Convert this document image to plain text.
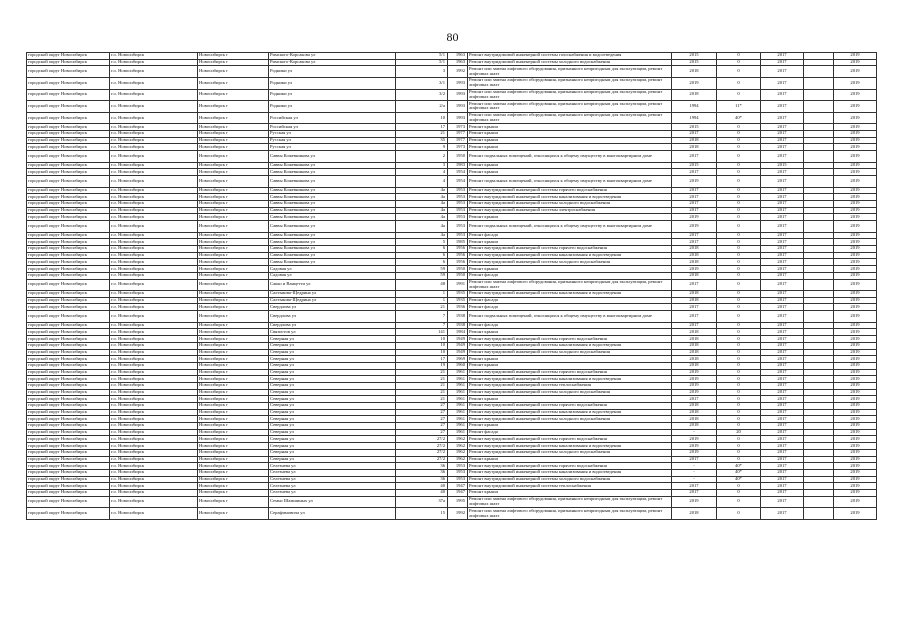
80
городской округ Новосибирск	г.о. Новосибирск	Новосибирск г	Римского-Корсакова ул	5/1	1963	Ремонт внутридомовой инженерной системы газоснабжения и водоотведения	2015	0	2017		2019
городской округ Новосибирск	г.о. Новосибирск	Новосибирск г	Римского-Корсакова ул	5/1	1963	Ремонт внутридомовой инженерной системы холодного водоснабжения	2015	0	2017		2019
городской округ Новосибирск	г.о. Новосибирск	Новосибирск г	Родники ул	3	1992	Ремонт или замена лифтового оборудования, признанного непригодным для эксплуатации, ремонт лифтовых шахт	2018	0	2017		2019
городской округ Новосибирск	г.о. Новосибирск	Новосибирск г	Родники ул	3/1	1993	Ремонт или замена лифтового оборудования, признанного непригодным для эксплуатации, ремонт лифтовых шахт	2019	0	2017		2019
городской округ Новосибирск	г.о. Новосибирск	Новосибирск г	Родники ул	3/2	1993	Ремонт или замена лифтового оборудования, признанного непригодным для эксплуатации, ремонт лифтовых шахт	2018	0	2017		2019
городской округ Новосибирск	г.о. Новосибирск	Новосибирск г	Родники ул	2/а	1993	Ремонт или замена лифтового оборудования, признанного непригодным для эксплуатации, ремонт лифтовых шахт	1994	11*	2017		2019
городской округ Новосибирск	г.о. Новосибирск	Новосибирск г	Российская ул	10	1993	Ремонт или замена лифтового оборудования, признанного непригодным для эксплуатации, ремонт лифтовых шахт	1994	40*	2017		2019
городской округ Новосибирск	г.о. Новосибирск	Новосибирск г	Российская ул	17	1973	Ремонт крыши	2015	0	2017		2019
городской округ Новосибирск	г.о. Новосибирск	Новосибирск г	Русская ул	21	1977	Ремонт крыши	2017	0	2017		2019
городской округ Новосибирск	г.о. Новосибирск	Новосибирск г	Русская ул	35	1977	Ремонт крыши	2018	0	2017		2019
городской округ Новосибирск	г.о. Новосибирск	Новосибирск г	Русская ул	9	1973	Ремонт крыши	2018	0	2017		2019
городской округ Новосибирск	г.о. Новосибирск	Новосибирск г	Саввы Кожевникова ул	2	1950	Ремонт подвальных помещений, относящихся к общему имуществу в многоквартирном доме	2017	0	2017		2019
городской округ Новосибирск	г.о. Новосибирск	Новосибирск г	Саввы Кожевникова ул	3	1983	Ремонт крыши	2015	0	2015		2019
городской округ Новосибирск	г.о. Новосибирск	Новосибирск г	Саввы Кожевникова ул	4	1954	Ремонт крыши	2017	0	2017		2019
городской округ Новосибирск	г.о. Новосибирск	Новосибирск г	Саввы Кожевникова ул	4	1954	Ремонт подвальных помещений, относящихся к общему имуществу в многоквартирном доме	2019	0	2017		2019
городской округ Новосибирск	г.о. Новосибирск	Новосибирск г	Саввы Кожевникова ул	4а	1953	Ремонт внутридомовой инженерной системы горячего водоснабжения	2017	0	2017		2019
городской округ Новосибирск	г.о. Новосибирск	Новосибирск г	Саввы Кожевникова ул	4а	1953	Ремонт внутридомовой инженерной системы канализования и водоотведения	2017	0	2017		2019
городской округ Новосибирск	г.о. Новосибирск	Новосибирск г	Саввы Кожевникова ул	4а	1953	Ремонт внутридомовой инженерной системы холодного водоснабжения	2017	0	2017		2019
городской округ Новосибирск	г.о. Новосибирск	Новосибирск г	Саввы Кожевникова ул	4а	1953	Ремонт внутридомовой инженерной системы электроснабжения	2017	0	2017		2019
городской округ Новосибирск	г.о. Новосибирск	Новосибирск г	Саввы Кожевникова ул	4а	1953	Ремонт крыши	2019	0	2017		2019
городской округ Новосибирск	г.о. Новосибирск	Новосибирск г	Саввы Кожевникова ул	4а	1953	Ремонт подвальных помещений, относящихся к общему имуществу в многоквартирном доме	2019	0	2017		2019
городской округ Новосибирск	г.о. Новосибирск	Новосибирск г	Саввы Кожевникова ул	4а	1953	Ремонт фасада	2017	0	2017		2019
городской округ Новосибирск	г.о. Новосибирск	Новосибирск г	Саввы Кожевникова ул	5	1985	Ремонт крыши	2017	0	2017		2019
городской округ Новосибирск	г.о. Новосибирск	Новосибирск г	Саввы Кожевникова ул	6	1956	Ремонт внутридомовой инженерной системы горячего водоснабжения	2018	0	2017		2019
городской округ Новосибирск	г.о. Новосибирск	Новосибирск г	Саввы Кожевникова ул	6	1956	Ремонт внутридомовой инженерной системы канализования и водоотведения	2018	0	2017		2019
городской округ Новосибирск	г.о. Новосибирск	Новосибирск г	Саввы Кожевникова ул	6	1956	Ремонт внутридомовой инженерной системы холодного водоснабжения	2018	0	2017		2019
городской округ Новосибирск	г.о. Новосибирск	Новосибирск г	Садовая ул	59	1950	Ремонт крыши	2019	0	2017		2019
городской округ Новосибирск	г.о. Новосибирск	Новосибирск г	Садовая ул	59	1950	Ремонт фасада	2018	0	2017		2019
городской округ Новосибирск	г.о. Новосибирск	Новосибирск г	Сакко и Ванцетти ул	48	1991	Ремонт или замена лифтового оборудования, признанного непригодным для эксплуатации, ремонт лифтовых шахт	2017	0	2017		2019
городской округ Новосибирск	г.о. Новосибирск	Новосибирск г	Салтыкова-Щедрина ул	1	1935	Ремонт внутридомовой инженерной системы канализования и водоотведения	2018	0	2017		2019
городской округ Новосибирск	г.о. Новосибирск	Новосибирск г	Салтыкова-Щедрина ул	1	1935	Ремонт фасада	2018	0	2017		2019
городской округ Новосибирск	г.о. Новосибирск	Новосибирск г	Свердлова ул	21	1936	Ремонт фасада	2017	0	2017		2019
городской округ Новосибирск	г.о. Новосибирск	Новосибирск г	Свердлова ул	7	1938	Ремонт подвальных помещений, относящихся к общему имуществу в многоквартирном доме	2017	0	2017		2019
городской округ Новосибирск	г.о. Новосибирск	Новосибирск г	Свердлова ул	7	1938	Ремонт фасада	2017	0	2017		2019
городской округ Новосибирск	г.о. Новосибирск	Новосибирск г	Связистов ул	141	1984	Ремонт крыши	2018	0	2017		2019
городской округ Новосибирск	г.о. Новосибирск	Новосибирск г	Северная ул	10	1949	Ремонт внутридомовой инженерной системы горячего водоснабжения	2018	0	2017		2019
городской округ Новосибирск	г.о. Новосибирск	Новосибирск г	Северная ул	10	1949	Ремонт внутридомовой инженерной системы канализования и водоотведения	2018	0	2017		2019
городской округ Новосибирск	г.о. Новосибирск	Новосибирск г	Северная ул	10	1949	Ремонт внутридомовой инженерной системы холодного водоснабжения	2018	0	2017		2019
городской округ Новосибирск	г.о. Новосибирск	Новосибирск г	Северная ул	17	1969	Ремонт крыши	2018	0	2017		2019
городской округ Новосибирск	г.о. Новосибирск	Новосибирск г	Северная ул	19	1960	Ремонт крыши	2018	0	2017		2019
городской округ Новосибирск	г.о. Новосибирск	Новосибирск г	Северная ул	21	1961	Ремонт внутридомовой инженерной системы горячего водоснабжения	2019	0	2017		2019
городской округ Новосибирск	г.о. Новосибирск	Новосибирск г	Северная ул	21	1961	Ремонт внутридомовой инженерной системы канализования и водоотведения	2019	0	2017		2019
городской округ Новосибирск	г.о. Новосибирск	Новосибирск г	Северная ул	21	1961	Ремонт внутридомовой инженерной системы теплоснабжения	2019	0	2017		2019
городской округ Новосибирск	г.о. Новосибирск	Новосибирск г	Северная ул	21	1961	Ремонт внутридомовой инженерной системы холодного водоснабжения	2019	0	2017		2019
городской округ Новосибирск	г.о. Новосибирск	Новосибирск г	Северная ул	21	1961	Ремонт крыши	2017	0	2017		2019
городской округ Новосибирск	г.о. Новосибирск	Новосибирск г	Северная ул	27	1961	Ремонт внутридомовой инженерной системы горячего водоснабжения	2018	0	2017		2019
городской округ Новосибирск	г.о. Новосибирск	Новосибирск г	Северная ул	27	1961	Ремонт внутридомовой инженерной системы канализования и водоотведения	2018	0	2017		2019
городской округ Новосибирск	г.о. Новосибирск	Новосибирск г	Северная ул	27	1961	Ремонт внутридомовой инженерной системы холодного водоснабжения	2018	0	2017		2019
городской округ Новосибирск	г.о. Новосибирск	Новосибирск г	Северная ул	27	1961	Ремонт крыши	2018	0	2017		2019
городской округ Новосибирск	г.о. Новосибирск	Новосибирск г	Северная ул	27	1961	Ремонт фасада	-	20	2017		2019
городской округ Новосибирск	г.о. Новосибирск	Новосибирск г	Северная ул	27/2	1962	Ремонт внутридомовой инженерной системы горячего водоснабжения	2019	0	2017		2019
городской округ Новосибирск	г.о. Новосибирск	Новосибирск г	Северная ул	27/2	1962	Ремонт внутридомовой инженерной системы канализования и водоотведения	2019	0	2017		2019
городской округ Новосибирск	г.о. Новосибирск	Новосибирск г	Северная ул	27/2	1962	Ремонт внутридомовой инженерной системы холодного водоснабжения	2019	0	2017		2019
городской округ Новосибирск	г.о. Новосибирск	Новосибирск г	Северная ул	27/2	1962	Ремонт крыши	2017	0	2017		2019
городской округ Новосибирск	г.о. Новосибирск	Новосибирск г	Селезнева ул	36	1953	Ремонт внутридомовой инженерной системы горячего водоснабжения	-	40*	2017		2019
городской округ Новосибирск	г.о. Новосибирск	Новосибирск г	Селезнева ул	36	1953	Ремонт внутридомовой инженерной системы канализования и водоотведения	-	40*	2017		2019
городской округ Новосибирск	г.о. Новосибирск	Новосибирск г	Селезнева ул	36	1953	Ремонт внутридомовой инженерной системы холодного водоснабжения	-	40*	2017		2019
городской округ Новосибирск	г.о. Новосибирск	Новосибирск г	Селезнева ул	40	1947	Ремонт внутридомовой инженерной системы теплоснабжения	2017	0	2017		2019
городской округ Новосибирск	г.о. Новосибирск	Новосибирск г	Селезнева ул	40	1947	Ремонт крыши	2017	0	2017		2019
городской округ Новосибирск	г.о. Новосибирск	Новосибирск г	Семьи Шамшиных ул	37а	1995	Ремонт или замена лифтового оборудования, признанного непригодным для эксплуатации, ремонт лифтовых шахт	2019	0	2017		2019
городской округ Новосибирск	г.о. Новосибирск	Новосибирск г	Серафимовича ул	15	1992	Ремонт или замена лифтового оборудования, признанного непригодным для эксплуатации, ремонт лифтовых шахт	2018	0	2017		2019
